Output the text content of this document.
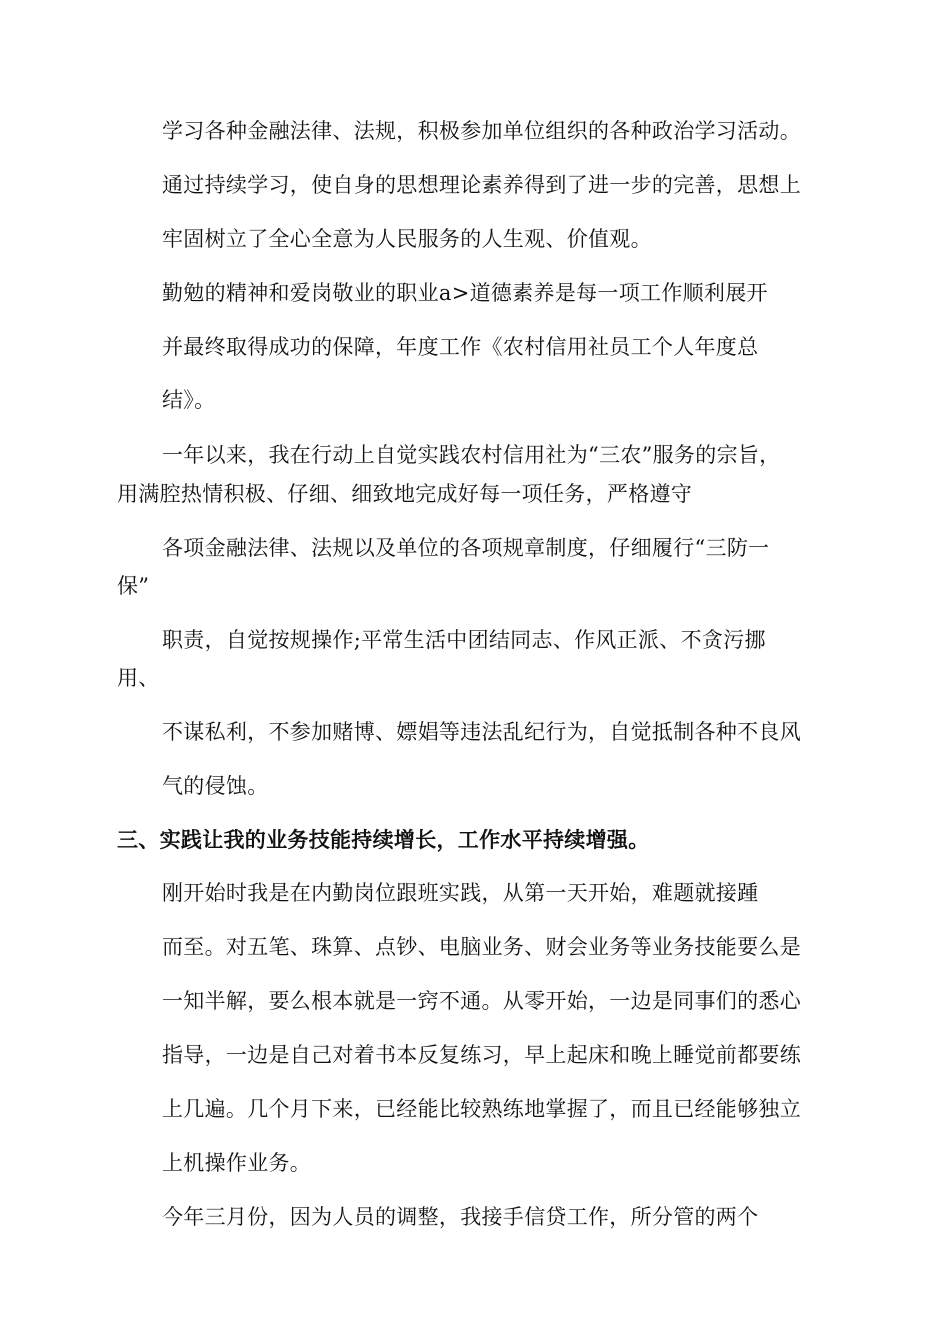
学习各种金融法律、法规，积极参加单位组织的各种政治学习活动。
通过持续学习，使自身的思想理论素养得到了进一步的完善，思想上
牢固树立了全心全意为人民服务的人生观、价值观。
勤勉的精神和爱岗敬业的职业a>道德素养是每一项工作顺利展开
并最终取得成功的保障，年度工作《农村信用社员工个人年度总
结》。
一年以来，我在行动上自觉实践农村信用社为“三农”服务的宗旨，
用满腔热情积极、仔细、细致地完成好每一项任务，严格遵守
各项金融法律、法规以及单位的各项规章制度，仔细履行“三防一
保”
职责，自觉按规操作;平常生活中团结同志、作风正派、不贪污挪
用、
不谋私利，不参加赌博、嫖娼等违法乱纪行为，自觉抵制各种不良风
气的侵蚀。
三、实践让我的业务技能持续增长，工作水平持续增强。
刚开始时我是在内勤岗位跟班实践，从第一天开始，难题就接踵
而至。对五笔、珠算、点钞、电脑业务、财会业务等业务技能要么是
一知半解，要么根本就是一窍不通。从零开始，一边是同事们的悉心
指导，一边是自己对着书本反复练习，早上起床和晚上睡觉前都要练
上几遍。几个月下来，已经能比较熟练地掌握了，而且已经能够独立
上机操作业务。
今年三月份，因为人员的调整，我接手信贷工作，所分管的两个
